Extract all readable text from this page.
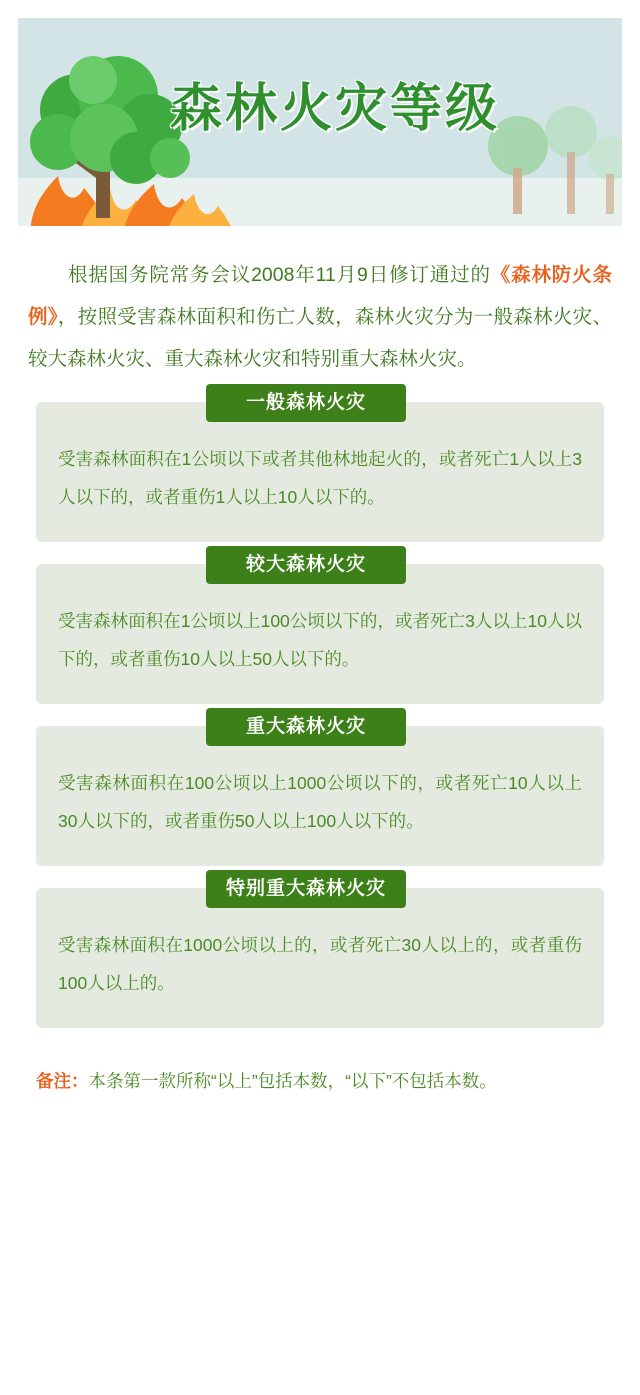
森林火灾等级

根据国务院常务会议2008年11月9日修订通过的《森林防火条例》，按照受害森林面积和伤亡人数，森林火灾分为一般森林火灾、较大森林火灾、重大森林火灾和特别重大森林火灾。

一般森林火灾
受害森林面积在1公顷以下或者其他林地起火的，或者死亡1人以上3人以下的，或者重伤1人以上10人以下的。
较大森林火灾
受害森林面积在1公顷以上100公顷以下的，或者死亡3人以上10人以下的，或者重伤10人以上50人以下的。
重大森林火灾
受害森林面积在100公顷以上1000公顷以下的，或者死亡10人以上30人以下的，或者重伤50人以上100人以下的。
特别重大森林火灾
受害森林面积在1000公顷以上的，或者死亡30人以上的，或者重伤100人以上的。

备注：本条第一款所称“以上”包括本数，“以下”不包括本数。
